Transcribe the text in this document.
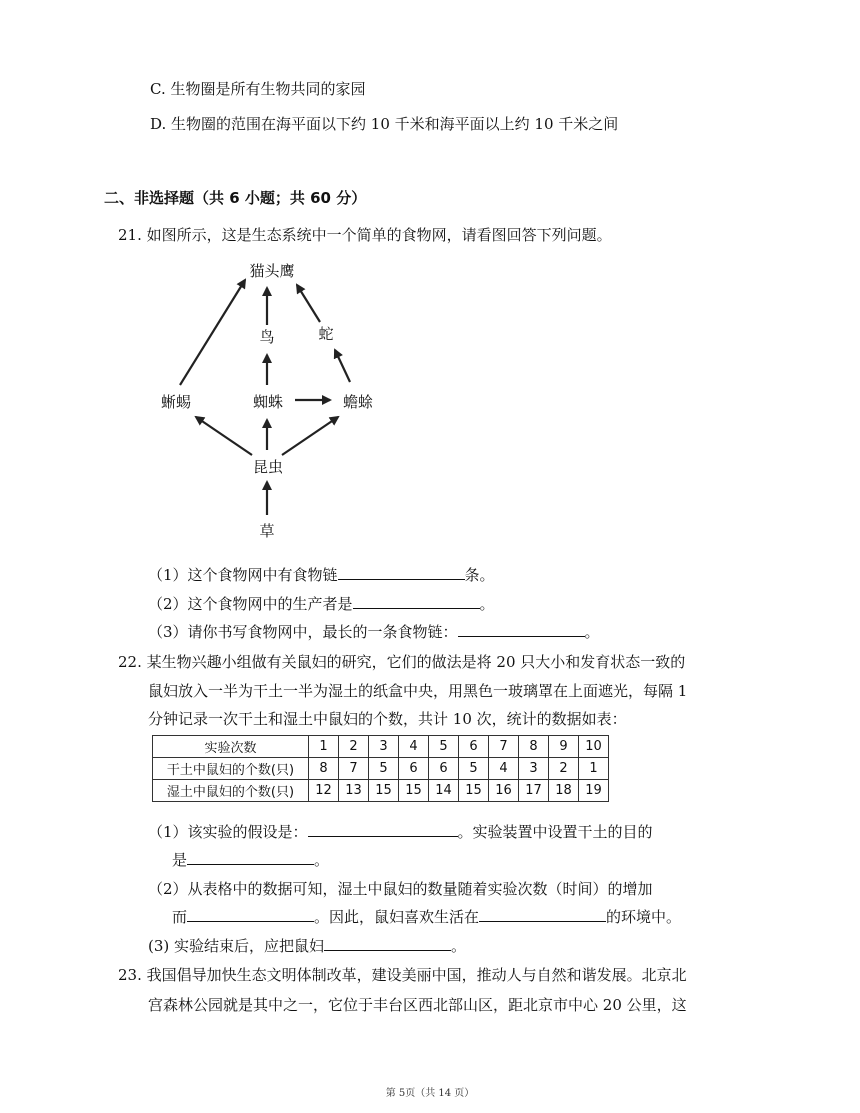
C. 生物圈是所有生物共同的家园
D. 生物圈的范围在海平面以下约 10 千米和海平面以上约 10 千米之间
二、非选择题（共 6 小题；共 60 分）
21. 如图所示，这是生态系统中一个简单的食物网，请看图回答下列问题。
猫头鹰
鸟	蛇
蜥蜴	蜘蛛	蟾蜍
昆虫
草
（1）这个食物网中有食物链	条。
（2）这个食物网中的生产者是	。
（3）请你书写食物网中，最长的一条食物链：	。
22. 某生物兴趣小组做有关鼠妇的研究，它们的做法是将 20 只大小和发育状态一致的
鼠妇放入一半为干土一半为湿土的纸盒中央，用黑色一玻璃罩在上面遮光，每隔 1
分钟记录一次干土和湿土中鼠妇的个数，共计 10 次，统计的数据如表：
实验次数	1	2	3	4	5	6	7	8	9	10
干土中鼠妇的个数(只)	8	7	5	6	6	5	4	3	2	1
湿土中鼠妇的个数(只)	12	13	15	15	14	15	16	17	18	19
（1）该实验的假设是：	。实验装置中设置干土的目的
是	。
（2）从表格中的数据可知，湿土中鼠妇的数量随着实验次数（时间）的增加
而	。因此，鼠妇喜欢生活在	的环境中。
(3) 实验结束后，应把鼠妇	。
23. 我国倡导加快生态文明体制改革，建设美丽中国，推动人与自然和谐发展。北京北
宫森林公园就是其中之一，它位于丰台区西北部山区，距北京市中心 20 公里，这
第 5页（共 14 页）
